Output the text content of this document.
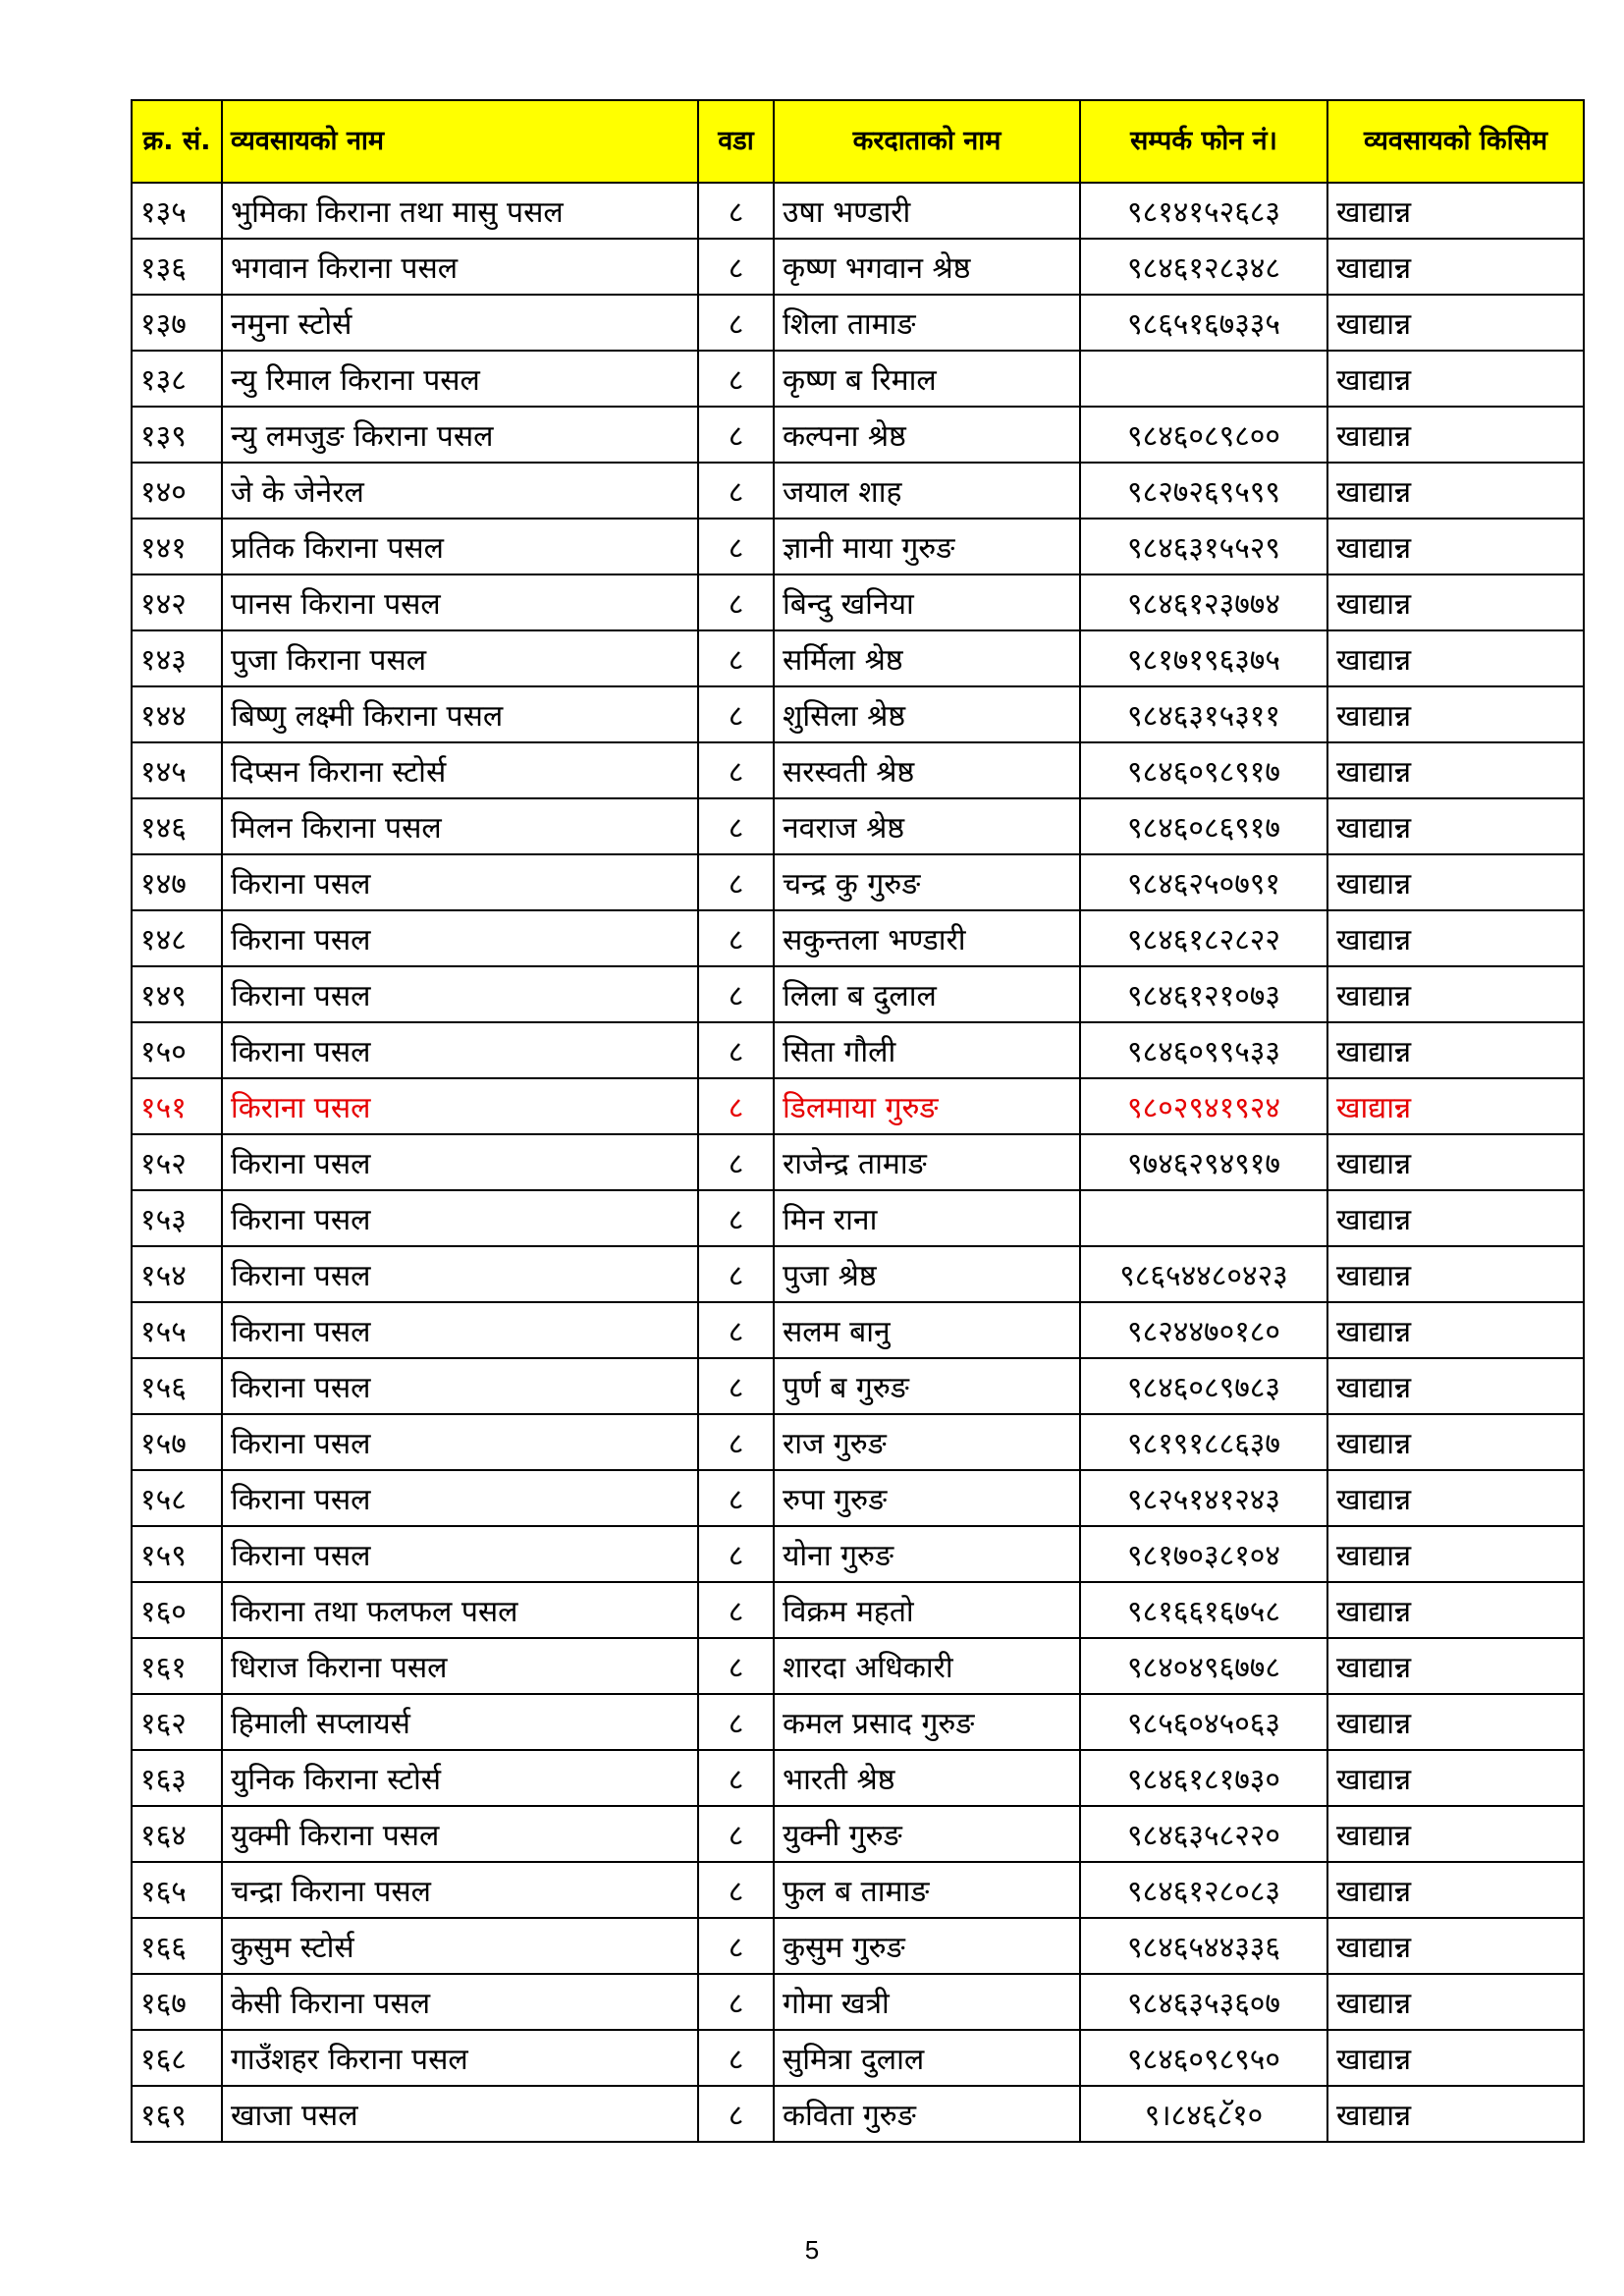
क्र. सं.	व्यवसायको नाम	वडा	करदाताको नाम	सम्पर्क फोन नं।	व्यवसायको किसिम
१३५	भुमिका किराना तथा मासु पसल	८	उषा भण्डारी	९८१४१५२६८३	खाद्यान्न
१३६	भगवान किराना पसल	८	कृष्ण भगवान श्रेष्ठ	९८४६१२८३४८	खाद्यान्न
१३७	नमुना स्टोर्स	८	शिला तामाङ	९८६५१६७३३५	खाद्यान्न
१३८	न्यु रिमाल किराना पसल	८	कृष्ण ब रिमाल		खाद्यान्न
१३९	न्यु लमजुङ किराना पसल	८	कल्पना श्रेष्ठ	९८४६०८९८००	खाद्यान्न
१४०	जे के जेनेरल	८	जयाल शाह	९८२७२६९५९९	खाद्यान्न
१४१	प्रतिक किराना पसल	८	ज्ञानी माया गुरुङ	९८४६३१५५२९	खाद्यान्न
१४२	पानस किराना पसल	८	बिन्दु खनिया	९८४६१२३७७४	खाद्यान्न
१४३	पुजा किराना पसल	८	सर्मिला श्रेष्ठ	९८१७१९६३७५	खाद्यान्न
१४४	बिष्णु लक्ष्मी किराना पसल	८	शुसिला श्रेष्ठ	९८४६३१५३११	खाद्यान्न
१४५	दिप्सन किराना स्टोर्स	८	सरस्वती श्रेष्ठ	९८४६०९८९१७	खाद्यान्न
१४६	मिलन किराना पसल	८	नवराज श्रेष्ठ	९८४६०८६९१७	खाद्यान्न
१४७	किराना पसल	८	चन्द्र कु गुरुङ	९८४६२५०७९१	खाद्यान्न
१४८	किराना पसल	८	सकुन्तला भण्डारी	९८४६१८२८२२	खाद्यान्न
१४९	किराना पसल	८	लिला ब दुलाल	९८४६१२१०७३	खाद्यान्न
१५०	किराना पसल	८	सिता गौली	९८४६०९९५३३	खाद्यान्न
१५१	किराना पसल	८	डिलमाया गुरुङ	९८०२९४१९२४	खाद्यान्न
१५२	किराना पसल	८	राजेन्द्र तामाङ	९७४६२९४९१७	खाद्यान्न
१५३	किराना पसल	८	मिन राना		खाद्यान्न
१५४	किराना पसल	८	पुजा श्रेष्ठ	९८६५४४८०४२३	खाद्यान्न
१५५	किराना पसल	८	सलम बानु	९८२४४७०१८०	खाद्यान्न
१५६	किराना पसल	८	पुर्ण ब गुरुङ	९८४६०८९७८३	खाद्यान्न
१५७	किराना पसल	८	राज गुरुङ	९८१९१८८६३७	खाद्यान्न
१५८	किराना पसल	८	रुपा गुरुङ	९८२५१४१२४३	खाद्यान्न
१५९	किराना पसल	८	योना गुरुङ	९८१७०३८१०४	खाद्यान्न
१६०	किराना तथा फलफल पसल	८	विक्रम महतो	९८१६६१६७५८	खाद्यान्न
१६१	धिराज किराना पसल	८	शारदा अधिकारी	९८४०४९६७७८	खाद्यान्न
१६२	हिमाली सप्लायर्स	८	कमल प्रसाद गुरुङ	९८५६०४५०६३	खाद्यान्न
१६३	युनिक किराना स्टोर्स	८	भारती श्रेष्ठ	९८४६१८१७३०	खाद्यान्न
१६४	युक्मी किराना पसल	८	युक्नी गुरुङ	९८४६३५८२२०	खाद्यान्न
१६५	चन्द्रा किराना पसल	८	फुल ब तामाङ	९८४६१२८०८३	खाद्यान्न
१६६	कुसुम स्टोर्स	८	कुसुम गुरुङ	९८४६५४४३३६	खाद्यान्न
१६७	केसी किराना पसल	८	गोमा खत्री	९८४६३५३६०७	खाद्यान्न
१६८	गाउँशहर किराना पसल	८	सुमित्रा दुलाल	९८४६०९८९५०	खाद्यान्न
१६९	खाजा पसल	८	कविता गुरुङ	९।८४६८ॅ१०	खाद्यान्न
5
